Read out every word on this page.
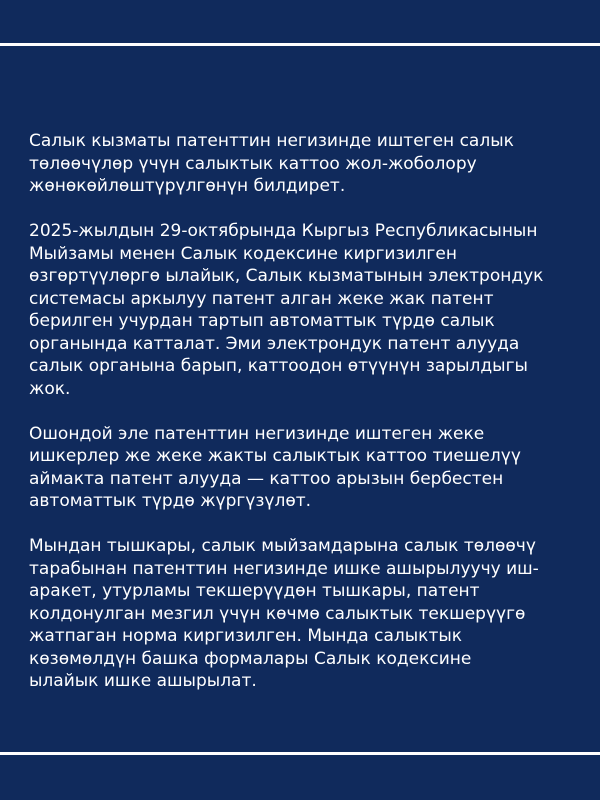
Салык кызматы патенттин негизинде иштеген салык
төлөөчүлөр үчүн салыктык каттоо жол-жоболору
жөнөкөйлөштүрүлгөнүн билдирет.

2025-жылдын 29-октябрында Кыргыз Республикасынын
Мыйзамы менен Салык кодексине киргизилген
өзгөртүүлөргө ылайык, Салык кызматынын электрондук
системасы аркылуу патент алган жеке жак патент
берилген учурдан тартып автоматтык түрдө салык
органында катталат. Эми электрондук патент алууда
салык органына барып, каттоодон өтүүнүн зарылдыгы
жок.

Ошондой эле патенттин негизинде иштеген жеке
ишкерлер же жеке жакты салыктык каттоо тиешелүү
аймакта патент алууда — каттоо арызын бербестен
автоматтык түрдө жүргүзүлөт.

Мындан тышкары, салык мыйзамдарына салык төлөөчү
тарабынан патенттин негизинде ишке ашырылуучу иш-
аракет, утурламы текшерүүдөн тышкары, патент
колдонулган мезгил үчүн көчмө салыктык текшерүүгө
жатпаган норма киргизилген. Мында салыктык
көзөмөлдүн башка формалары Салык кодексине
ылайык ишке ашырылат.
